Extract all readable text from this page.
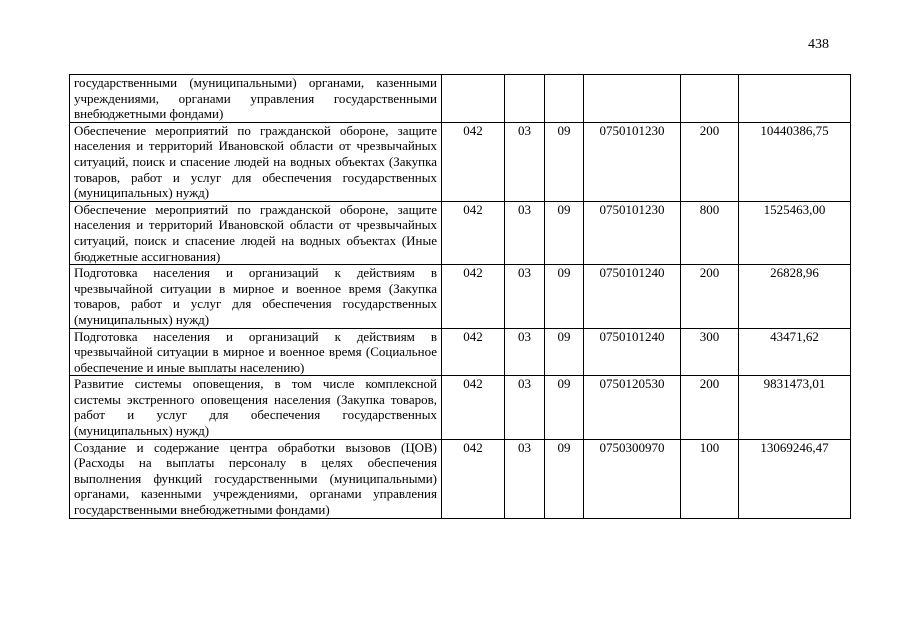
438
государственными (муниципальными) органами, казенными учреждениями, органами управления государственными внебюджетными фондами)						
Обеспечение мероприятий по гражданской обороне, защите населения и территорий Ивановской области от чрезвычайных ситуаций, поиск и спасение людей на водных объектах (Закупка товаров, работ и услуг для обеспечения государственных (муниципальных) нужд)	042	03	09	0750101230	200	10440386,75
Обеспечение мероприятий по гражданской обороне, защите населения и территорий Ивановской области от чрезвычайных ситуаций, поиск и спасение людей на водных объектах (Иные бюджетные ассигнования)	042	03	09	0750101230	800	1525463,00
Подготовка населения и организаций к действиям в чрезвычайной ситуации в мирное и военное время (Закупка товаров, работ и услуг для обеспечения государственных (муниципальных) нужд)	042	03	09	0750101240	200	26828,96
Подготовка населения и организаций к действиям в чрезвычайной ситуации в мирное и военное время (Социальное обеспечение и иные выплаты населению)	042	03	09	0750101240	300	43471,62
Развитие системы оповещения, в том числе комплексной системы экстренного оповещения населения (Закупка товаров, работ и услуг для обеспечения государственных (муниципальных) нужд)	042	03	09	0750120530	200	9831473,01
Создание и содержание центра обработки вызовов (ЦОВ) (Расходы на выплаты персоналу в целях обеспечения выполнения функций государственными (муниципальными) органами, казенными учреждениями, органами управления государственными внебюджетными фондами)	042	03	09	0750300970	100	13069246,47
